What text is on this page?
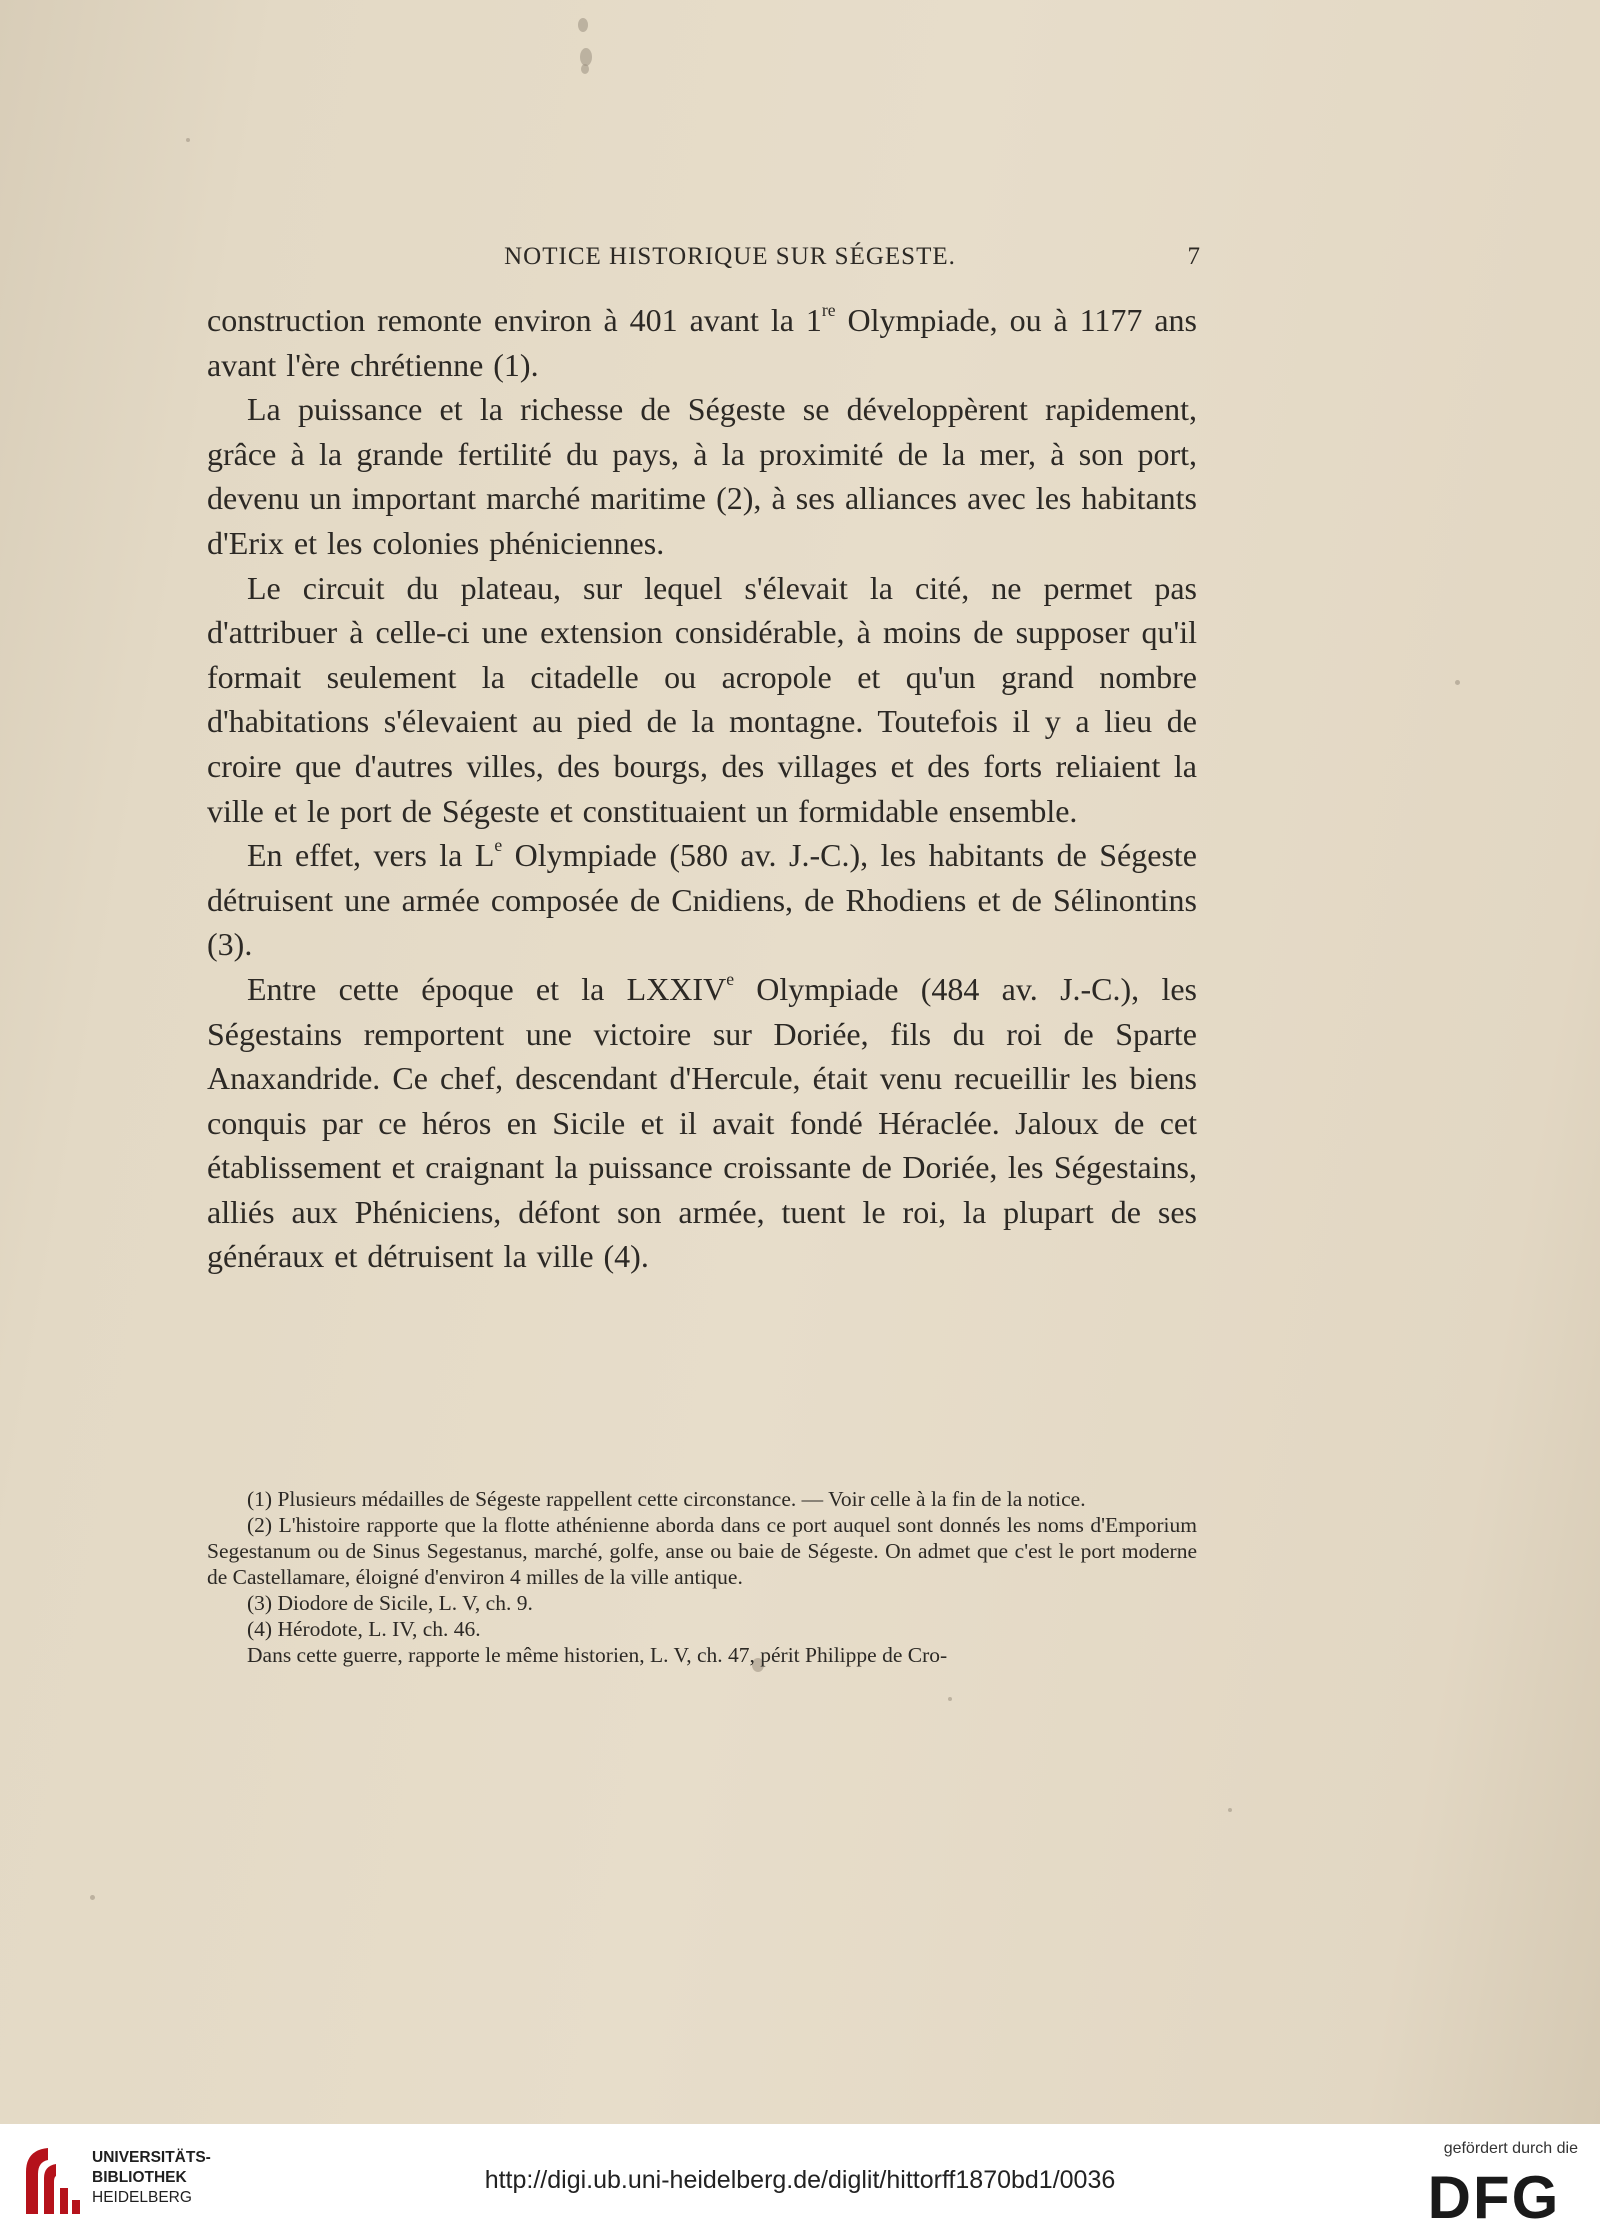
NOTICE HISTORIQUE SUR SÉGESTE.	7

construction remonte environ à 401 avant la 1re Olympiade, ou à 1177 ans avant l'ère chrétienne (1).

La puissance et la richesse de Ségeste se développèrent rapidement, grâce à la grande fertilité du pays, à la proximité de la mer, à son port, devenu un important marché maritime (2), à ses alliances avec les habitants d'Erix et les colonies phéniciennes.

Le circuit du plateau, sur lequel s'élevait la cité, ne permet pas d'attribuer à celle-ci une extension considérable, à moins de supposer qu'il formait seulement la citadelle ou acropole et qu'un grand nombre d'habitations s'élevaient au pied de la montagne. Toutefois il y a lieu de croire que d'autres villes, des bourgs, des villages et des forts reliaient la ville et le port de Ségeste et constituaient un formidable ensemble.

En effet, vers la Le Olympiade (580 av. J.-C.), les habitants de Ségeste détruisent une armée composée de Cnidiens, de Rhodiens et de Sélinontins (3).

Entre cette époque et la LXXIVe Olympiade (484 av. J.-C.), les Ségestains remportent une victoire sur Doriée, fils du roi de Sparte Anaxandride. Ce chef, descendant d'Hercule, était venu recueillir les biens conquis par ce héros en Sicile et il avait fondé Héraclée. Jaloux de cet établissement et craignant la puissance croissante de Doriée, les Ségestains, alliés aux Phéniciens, défont son armée, tuent le roi, la plupart de ses généraux et détruisent la ville (4).

(1) Plusieurs médailles de Ségeste rappellent cette circonstance. — Voir celle à la fin de la notice.

(2) L'histoire rapporte que la flotte athénienne aborda dans ce port auquel sont donnés les noms d'Emporium Segestanum ou de Sinus Segestanus, marché, golfe, anse ou baie de Ségeste. On admet que c'est le port moderne de Castellamare, éloigné d'environ 4 milles de la ville antique.

(3) Diodore de Sicile, L. V, ch. 9.

(4) Hérodote, L. IV, ch. 46.

Dans cette guerre, rapporte le même historien, L. V, ch. 47, périt Philippe de Cro-

UNIVERSITÄTS-
BIBLIOTHEK
HEIDELBERG
http://digi.ub.uni-heidelberg.de/diglit/hittorff1870bd1/0036
gefördert durch die
DFG
